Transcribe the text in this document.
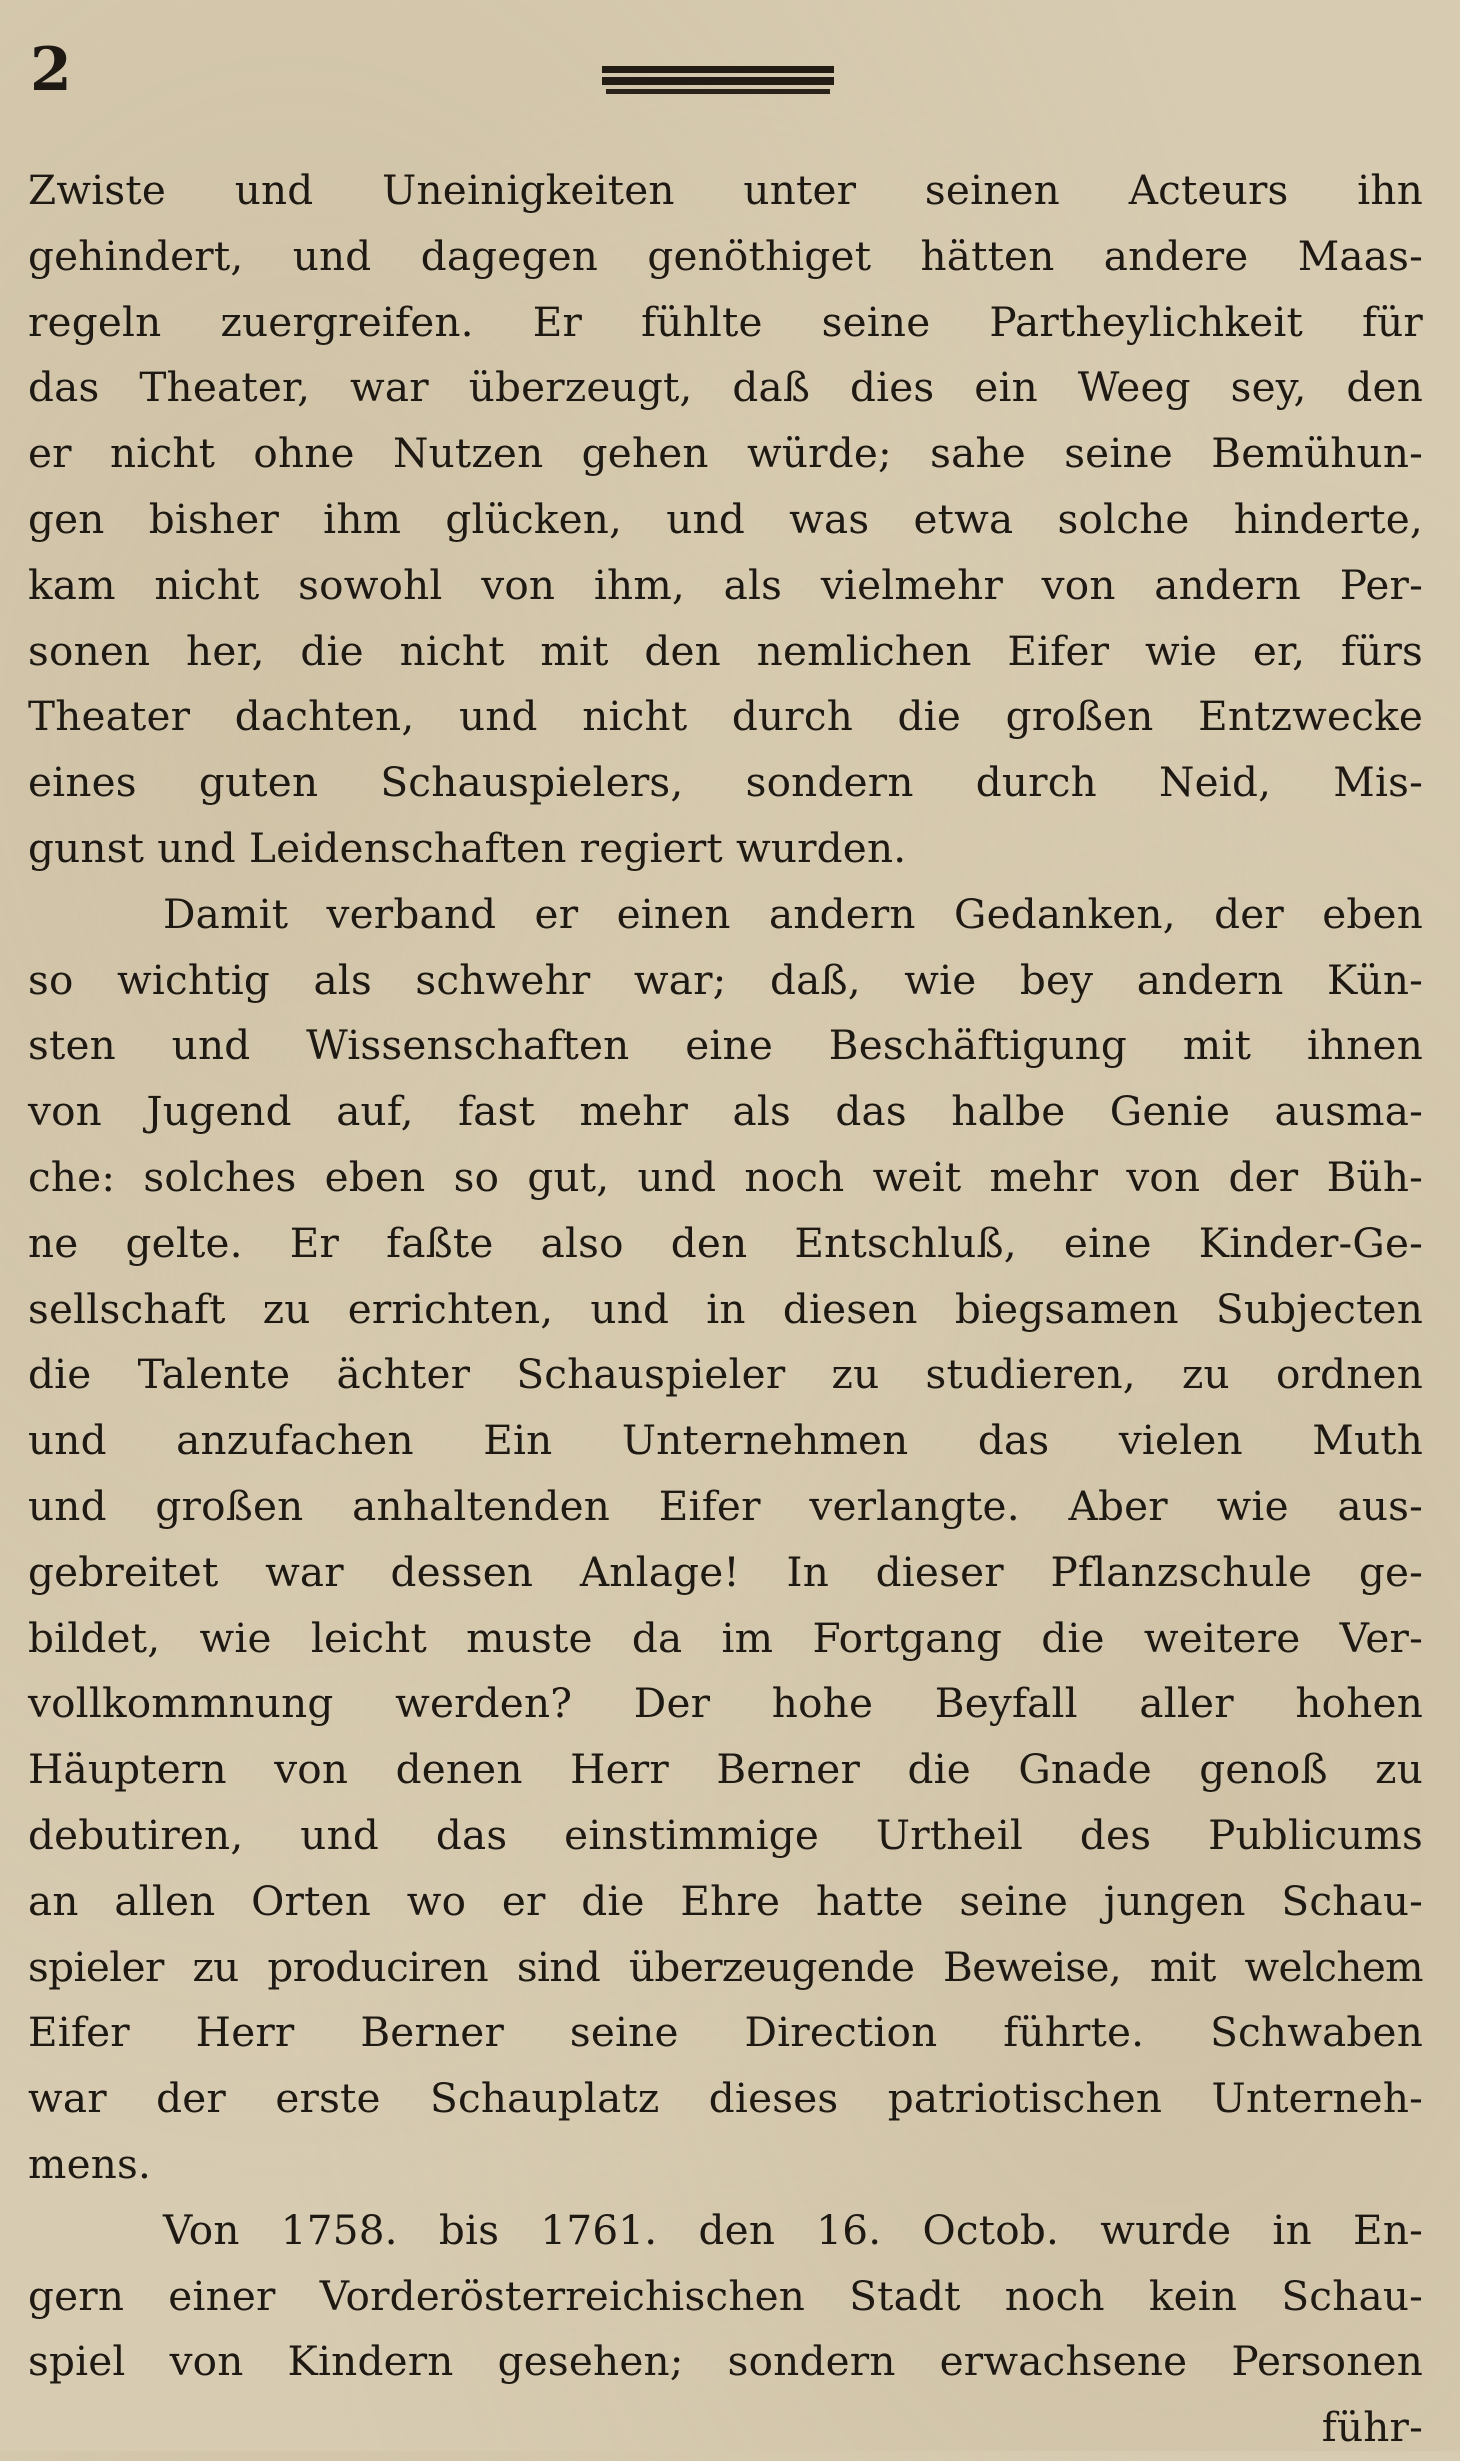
2
Zwiste und Uneinigkeiten unter seinen Acteurs ihn
gehindert, und dagegen genöthiget hätten andere Maas-
regeln zuergreifen. Er fühlte seine Partheylichkeit für
das Theater, war überzeugt, daß dies ein Weeg sey, den
er nicht ohne Nutzen gehen würde; sahe seine Bemühun-
gen bisher ihm glücken, und was etwa solche hinderte,
kam nicht sowohl von ihm, als vielmehr von andern Per-
sonen her, die nicht mit den nemlichen Eifer wie er, fürs
Theater dachten, und nicht durch die großen Entzwecke
eines guten Schauspielers, sondern durch Neid, Mis-
gunst und Leidenschaften regiert wurden.
Damit verband er einen andern Gedanken, der eben
so wichtig als schwehr war; daß, wie bey andern Kün-
sten und Wissenschaften eine Beschäftigung mit ihnen
von Jugend auf, fast mehr als das halbe Genie ausma-
che: solches eben so gut, und noch weit mehr von der Büh-
ne gelte. Er faßte also den Entschluß, eine Kinder-Ge-
sellschaft zu errichten, und in diesen biegsamen Subjecten
die Talente ächter Schauspieler zu studieren, zu ordnen
und anzufachen Ein Unternehmen das vielen Muth
und großen anhaltenden Eifer verlangte. Aber wie aus-
gebreitet war dessen Anlage! In dieser Pflanzschule ge-
bildet, wie leicht muste da im Fortgang die weitere Ver-
vollkommnung werden? Der hohe Beyfall aller hohen
Häuptern von denen Herr Berner die Gnade genoß zu
debutiren, und das einstimmige Urtheil des Publicums
an allen Orten wo er die Ehre hatte seine jungen Schau-
spieler zu produciren sind überzeugende Beweise, mit welchem
Eifer Herr Berner seine Direction führte. Schwaben
war der erste Schauplatz dieses patriotischen Unterneh-
mens.
Von 1758. bis 1761. den 16. Octob. wurde in En-
gern einer Vorderösterreichischen Stadt noch kein Schau-
spiel von Kindern gesehen; sondern erwachsene Personen
führ-
